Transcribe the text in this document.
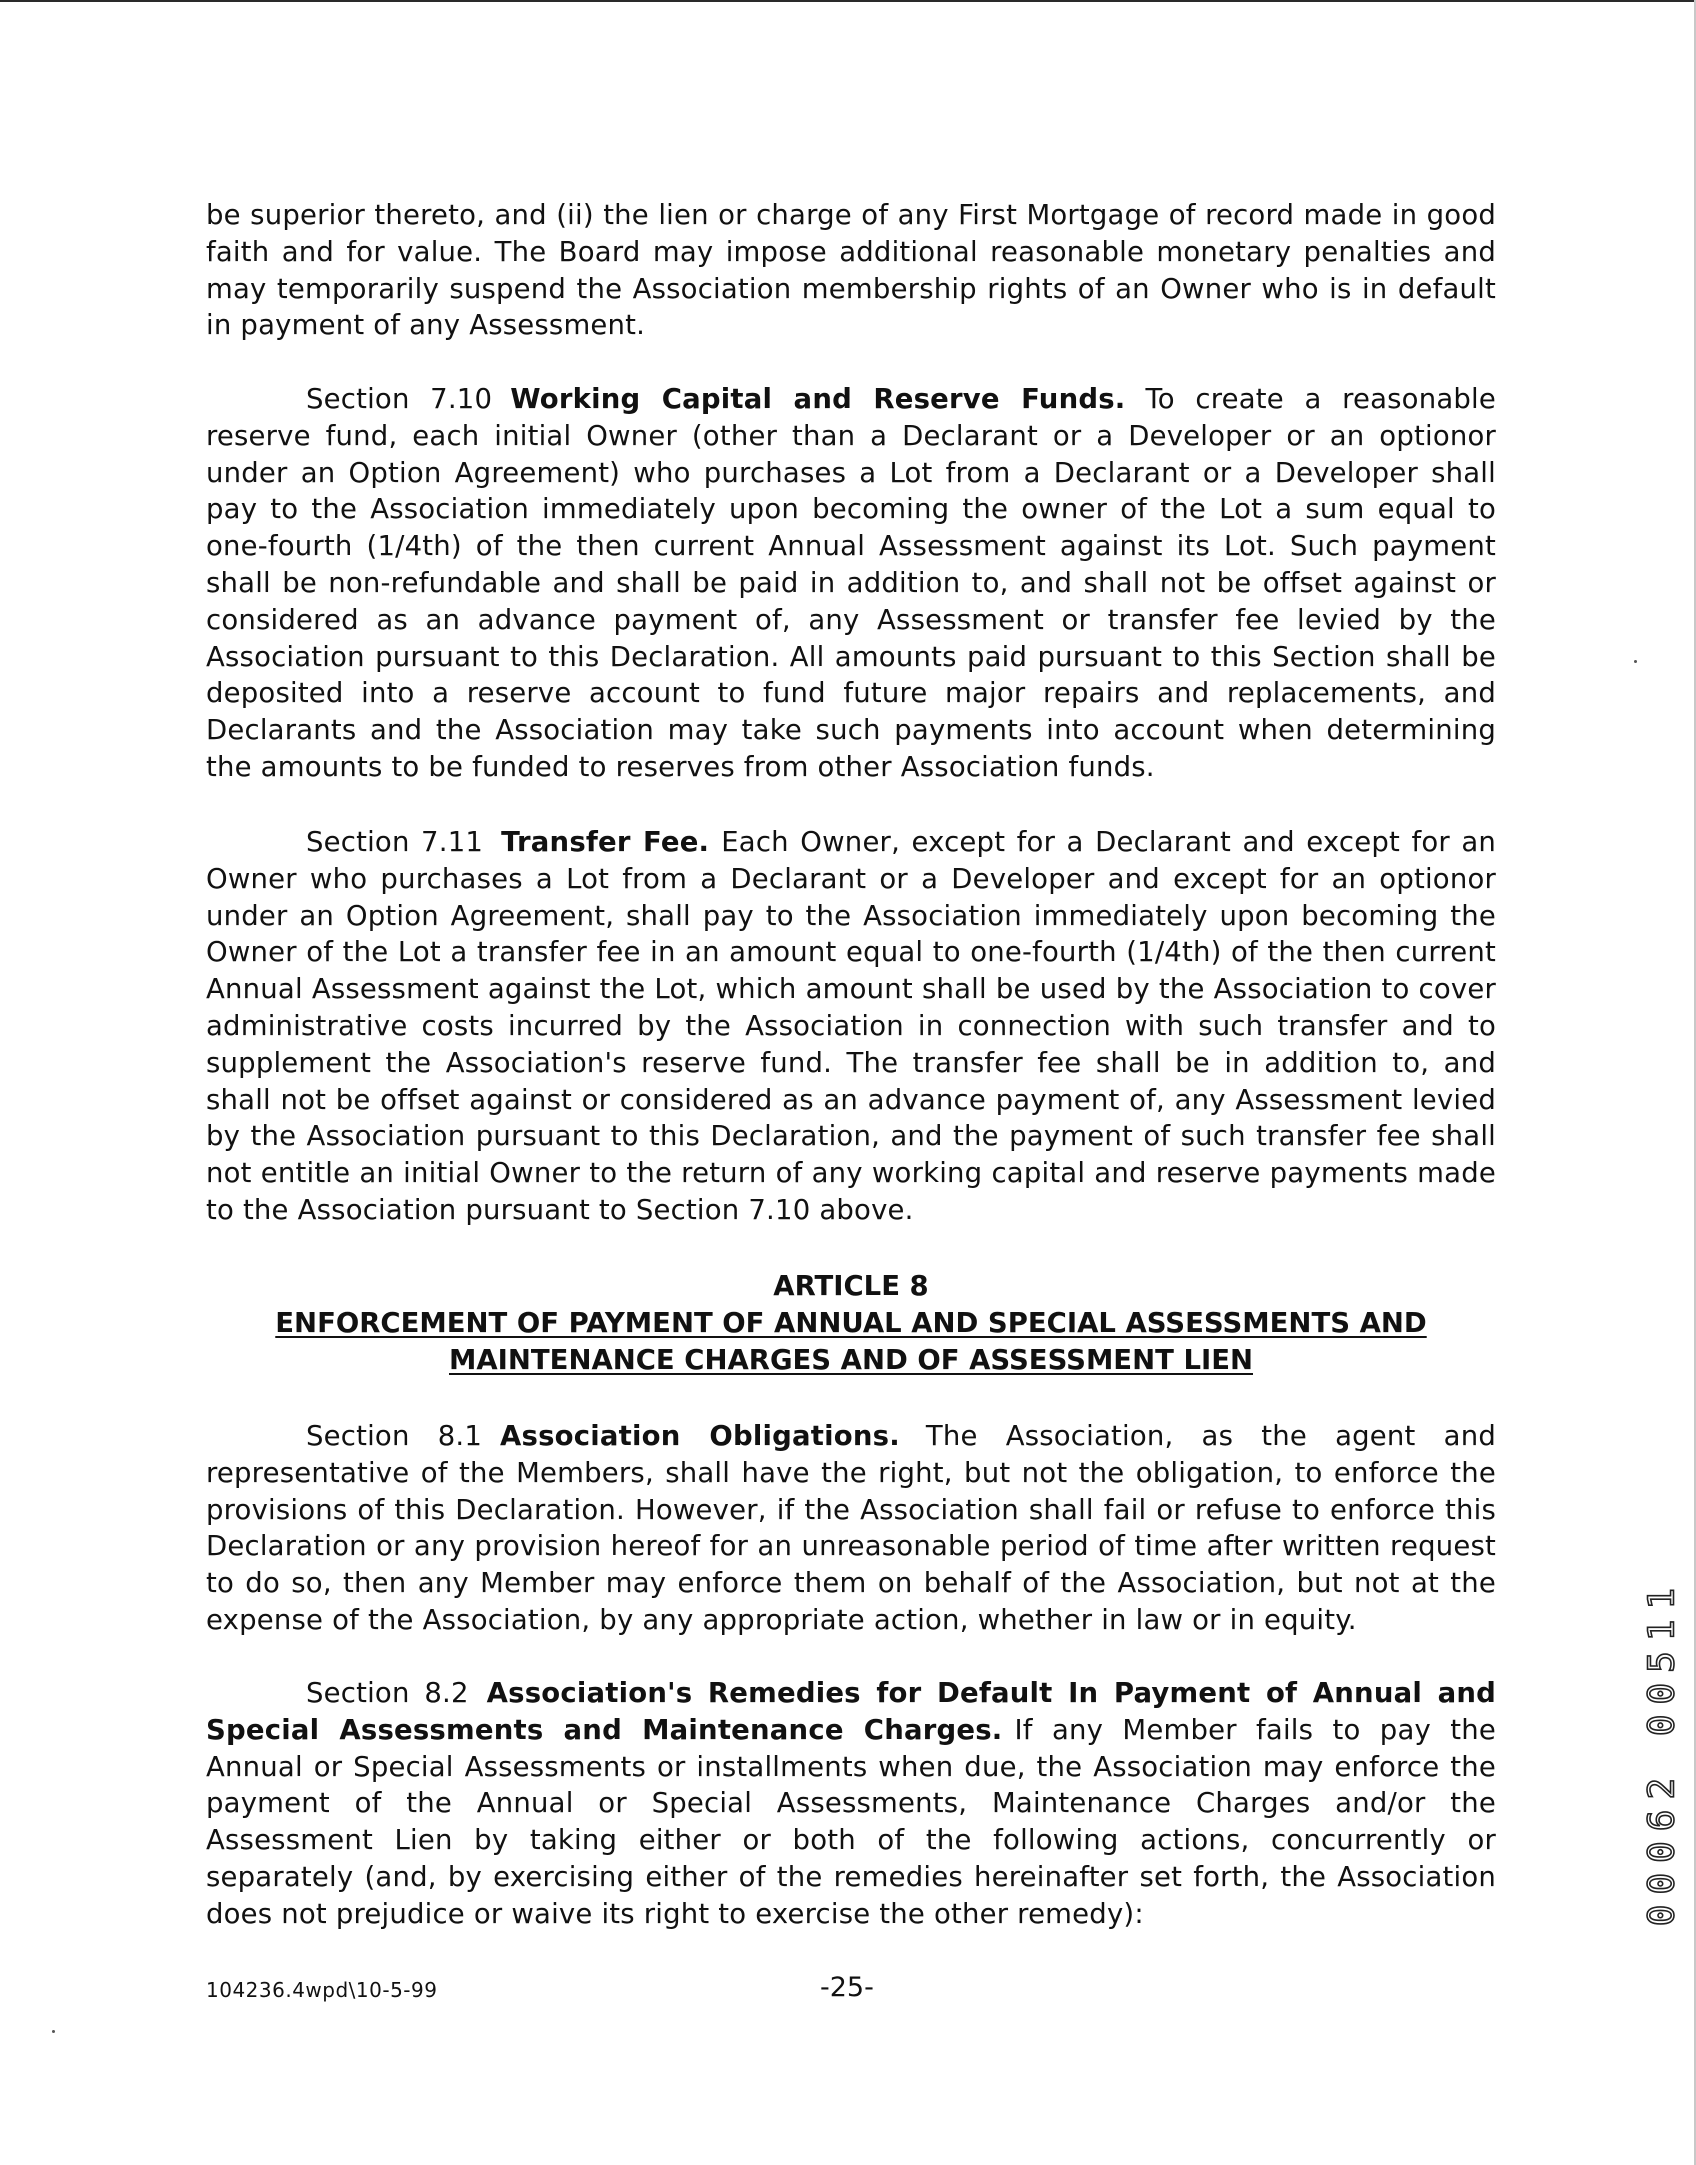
be superior thereto, and (ii) the lien or charge of any First Mortgage of record made in good faith and for value. The Board may impose additional reasonable monetary penalties and may temporarily suspend the Association membership rights of an Owner who is in default in payment of any Assessment.

Section 7.10 Working Capital and Reserve Funds. To create a reasonable reserve fund, each initial Owner (other than a Declarant or a Developer or an optionor under an Option Agreement) who purchases a Lot from a Declarant or a Developer shall pay to the Association immediately upon becoming the owner of the Lot a sum equal to one-fourth (1/4th) of the then current Annual Assessment against its Lot. Such payment shall be non-refundable and shall be paid in addition to, and shall not be offset against or considered as an advance payment of, any Assessment or transfer fee levied by the Association pursuant to this Declaration. All amounts paid pursuant to this Section shall be deposited into a reserve account to fund future major repairs and replacements, and Declarants and the Association may take such payments into account when determining the amounts to be funded to reserves from other Association funds.

Section 7.11 Transfer Fee. Each Owner, except for a Declarant and except for an Owner who purchases a Lot from a Declarant or a Developer and except for an optionor under an Option Agreement, shall pay to the Association immediately upon becoming the Owner of the Lot a transfer fee in an amount equal to one-fourth (1/4th) of the then current Annual Assessment against the Lot, which amount shall be used by the Association to cover administrative costs incurred by the Association in connection with such transfer and to supplement the Association's reserve fund. The transfer fee shall be in addition to, and shall not be offset against or considered as an advance payment of, any Assessment levied by the Association pursuant to this Declaration, and the payment of such transfer fee shall not entitle an initial Owner to the return of any working capital and reserve payments made to the Association pursuant to Section 7.10 above.

ARTICLE 8
ENFORCEMENT OF PAYMENT OF ANNUAL AND SPECIAL ASSESSMENTS AND
MAINTENANCE CHARGES AND OF ASSESSMENT LIEN

Section 8.1 Association Obligations. The Association, as the agent and representative of the Members, shall have the right, but not the obligation, to enforce the provisions of this Declaration. However, if the Association shall fail or refuse to enforce this Declaration or any provision hereof for an unreasonable period of time after written request to do so, then any Member may enforce them on behalf of the Association, but not at the expense of the Association, by any appropriate action, whether in law or in equity.

Section 8.2 Association's Remedies for Default In Payment of Annual and Special Assessments and Maintenance Charges. If any Member fails to pay the Annual or Special Assessments or installments when due, the Association may enforce the payment of the Annual or Special Assessments, Maintenance Charges and/or the Assessment Lien by taking either or both of the following actions, concurrently or separately (and, by exercising either of the remedies hereinafter set forth, the Association does not prejudice or waive its right to exercise the other remedy):

104236.4wpd\10-5-99	-25-
00062 00511
